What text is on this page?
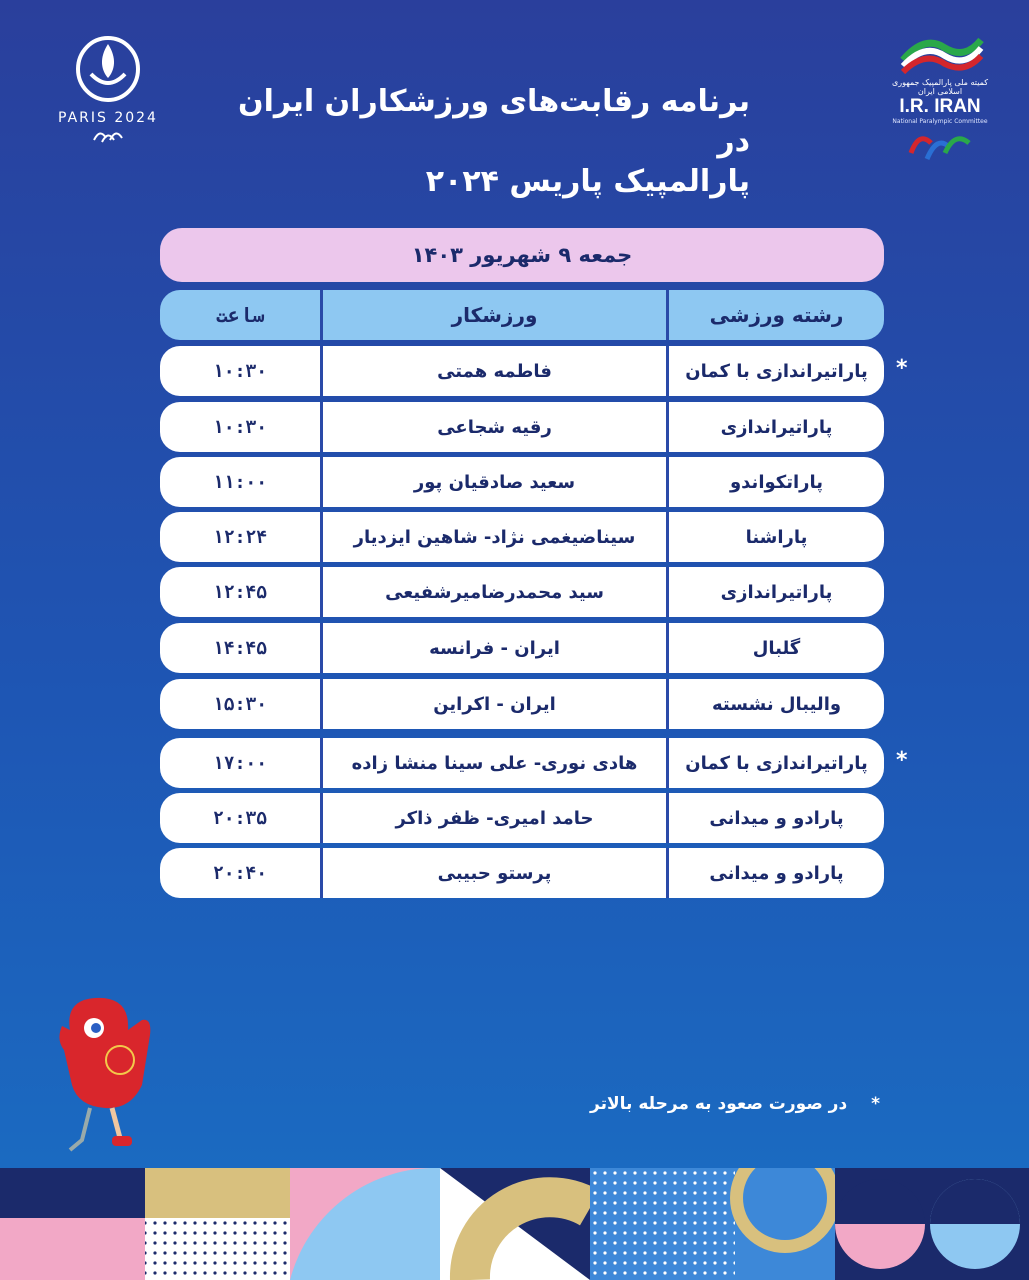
PARIS 2024	برنامه رقابت‌های ورزشکاران ایران در
پارالمپیک پاریس ۲۰۲۴
کمیته ملی پارالمپیک جمهوری اسلامی ایران
I.R. IRAN
National Paralympic Committee
جمعه ۹ شهریور ۱۴۰۳
ساعت	ورزشکار	رشته ورزشی
۱۰:۳۰	فاطمه همتی	پاراتیراندازی با کمان	*
۱۰:۳۰	رقیه شجاعی	پاراتیراندازی
۱۱:۰۰	سعید صادقیان پور	پاراتکواندو
۱۲:۲۴	سیناضیغمی نژاد- شاهین ایزدیار	پاراشنا
۱۲:۴۵	سید محمدرضامیرشفیعی	پاراتیراندازی
۱۴:۴۵	ایران - فرانسه	گلبال
۱۵:۳۰	ایران - اکراین	والیبال نشسته
۱۷:۰۰	هادی نوری- علی سینا منشا زاده	پاراتیراندازی با کمان	*
۲۰:۳۵	حامد امیری- ظفر ذاکر	پارادو و میدانی
۲۰:۴۰	پرستو حبیبی	پارادو و میدانی
* در صورت صعود به مرحله بالاتر
